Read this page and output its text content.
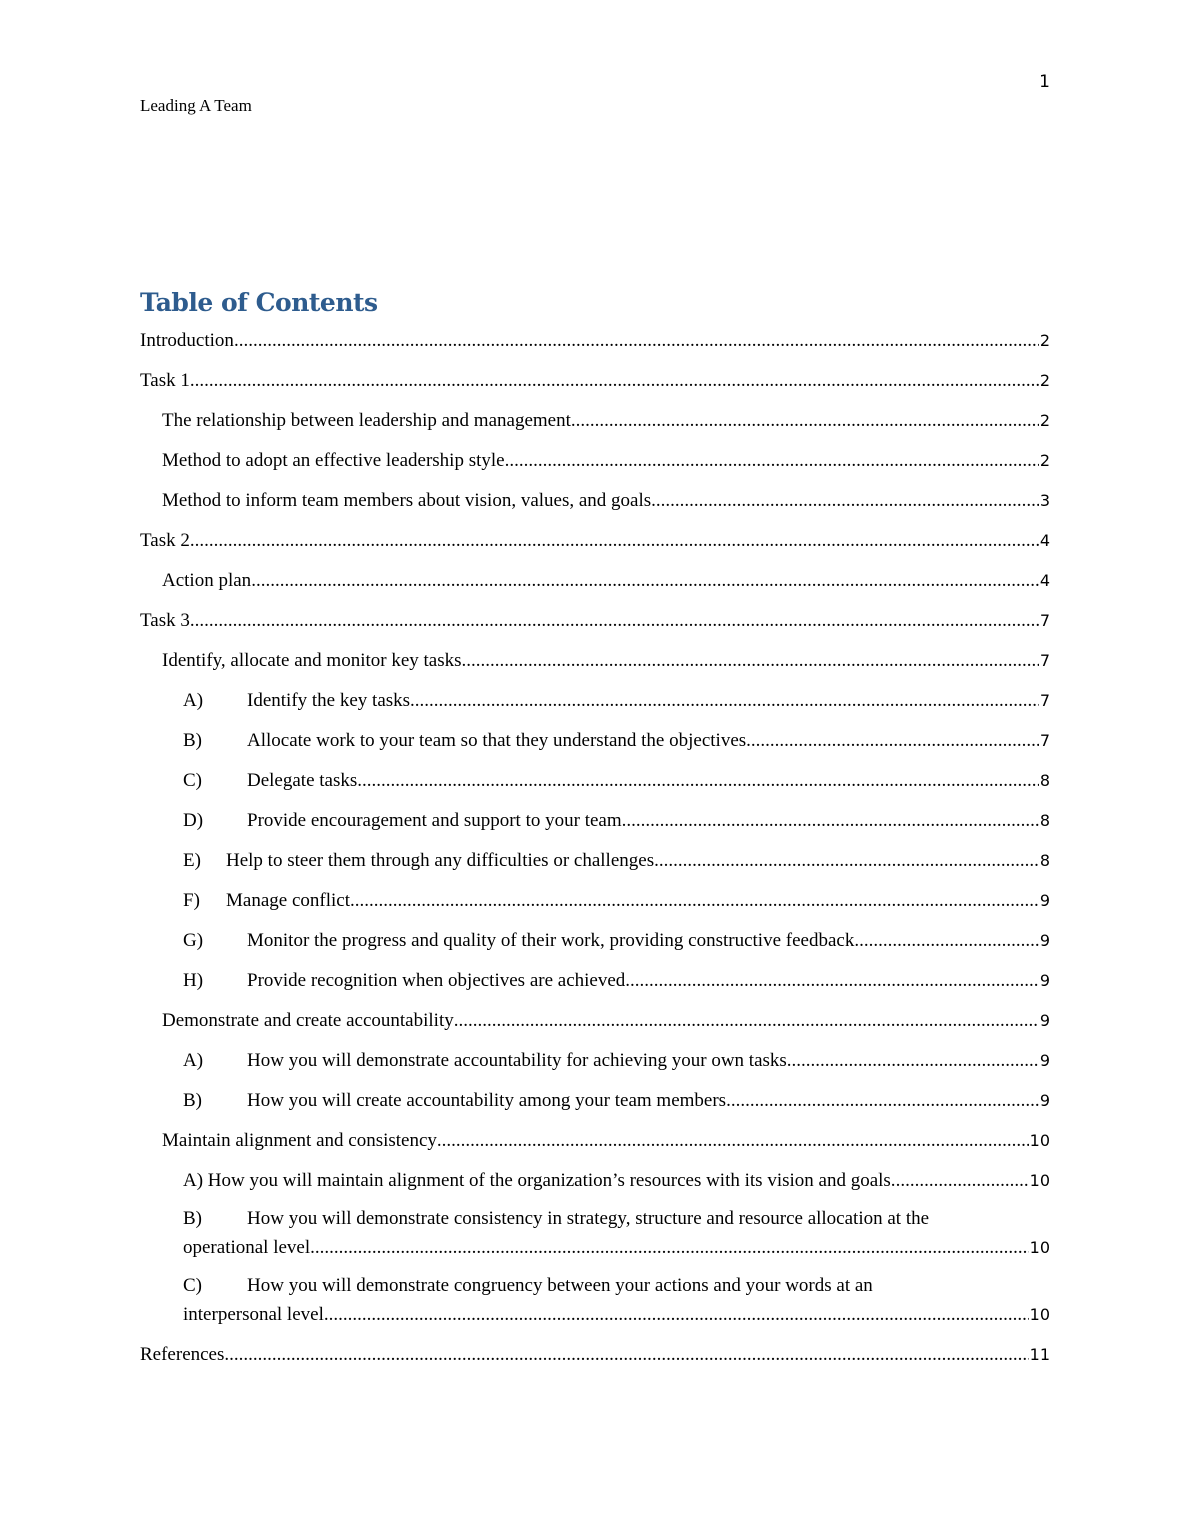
1
Leading A Team
Table of Contents
Introduction .....	2
Task 1 .....	2
The relationship between leadership and management .....	2
Method to adopt an effective leadership style .....	2
Method to inform team members about vision, values, and goals .....	3
Task 2 .....	4
Action plan .....	4
Task 3 .....	7
Identify, allocate and monitor key tasks .....	7
A)	Identify the key tasks .....	7
B)	Allocate work to your team so that they understand the objectives .....	7
C)	Delegate tasks .....	8
D)	Provide encouragement and support to your team .....	8
E)	Help to steer them through any difficulties or challenges .....	8
F)	Manage conflict .....	9
G)	Monitor the progress and quality of their work, providing constructive feedback .....	9
H)	Provide recognition when objectives are achieved. .....	9
Demonstrate and create accountability .....	9
A)	How you will demonstrate accountability for achieving your own tasks .....	9
B)	How you will create accountability among your team members. .....	9
Maintain alignment and consistency .....	10
A) How you will maintain alignment of the organization’s resources with its vision and goals. .....	10
B) How you will demonstrate consistency in strategy, structure and resource allocation at the
operational level .....	10
C) How you will demonstrate congruency between your actions and your words at an
interpersonal level. .....	10
References .....	11
